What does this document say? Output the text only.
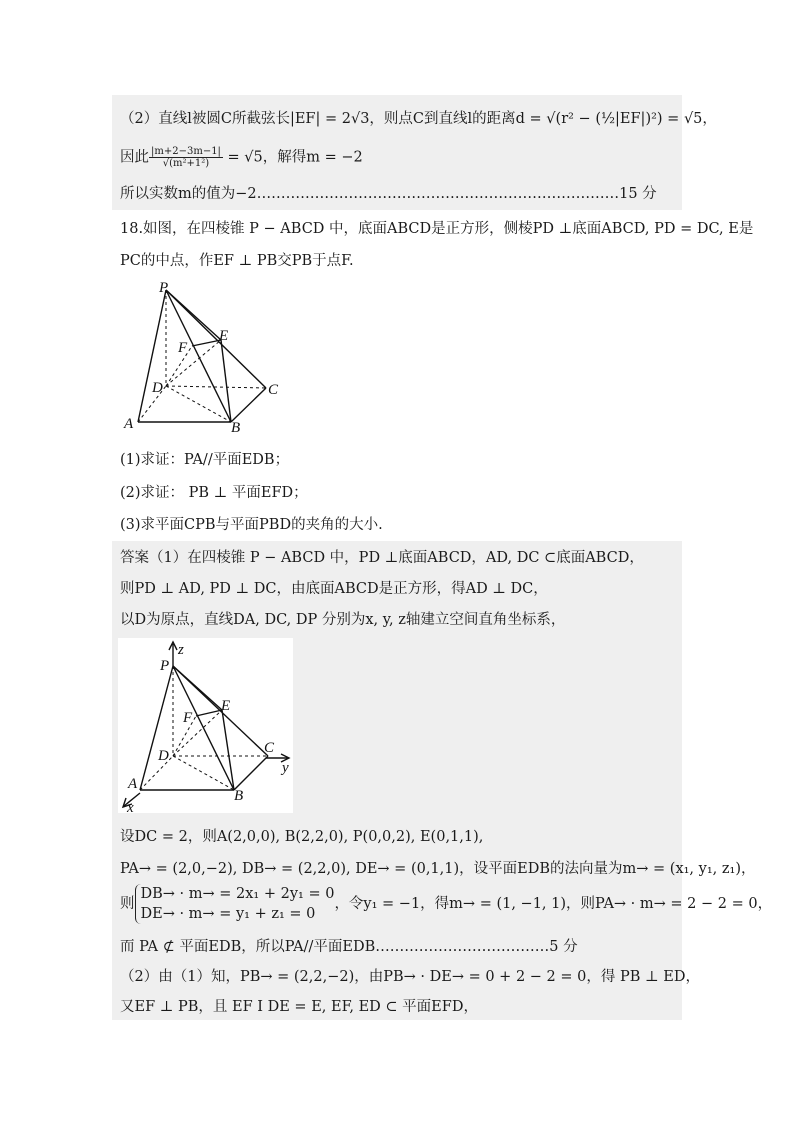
（2）直线l被圆C所截弦长|EF| = 2√3，则点C到直线l的距离d = √(r² − (½|EF|)²) = √5，
因此 $\frac{|m+2-3m-1|}{\text{√(m²+1²)}} = √5$，解得m = −2
所以实数m的值为−2…………………………………………………………………15 分
18.如图，在四棱锥 P − ABCD 中，底面ABCD是正方形，侧棱PD ⊥底面ABCD, PD = DC, E是
PC的中点，作EF ⊥ PB交PB于点F.
P
E
F
D	C
A	B
(1)求证：PA//平面EDB；
(2)求证： PB ⊥ 平面EFD；
(3)求平面CPB与平面PBD的夹角的大小.
答案（1）在四棱锥 P − ABCD 中，PD ⊥底面ABCD，AD, DC ⊂底面ABCD，
则PD ⊥ AD, PD ⊥ DC，由底面ABCD是正方形，得AD ⊥ DC，
以D为原点，直线DA, DC, DP 分别为x, y, z轴建立空间直角坐标系，
z
P
E
F
D	C
y
A
B
x
设DC = 2，则A(2,0,0), B(2,2,0), P(0,0,2), E(0,1,1),
PA→ = (2,0,−2), DB→ = (2,2,0), DE→ = (0,1,1)，设平面EDB的法向量为m→ = (x₁, y₁, z₁)，
则
DB→ · m→ = 2x₁ + 2y₁ = 0
DE→ · m→ = y₁ + z₁ = 0
，令y₁ = −1，得m→ = (1, −1, 1)，则PA→ · m→ = 2 − 2 = 0，
而 PA ⊄ 平面EDB，所以PA//平面EDB………………………………5 分
（2）由（1）知，PB→ = (2,2,−2)，由PB→ · DE→ = 0 + 2 − 2 = 0，得 PB ⊥ ED，
又EF ⊥ PB，且 EF I DE = E, EF, ED ⊂ 平面EFD，
